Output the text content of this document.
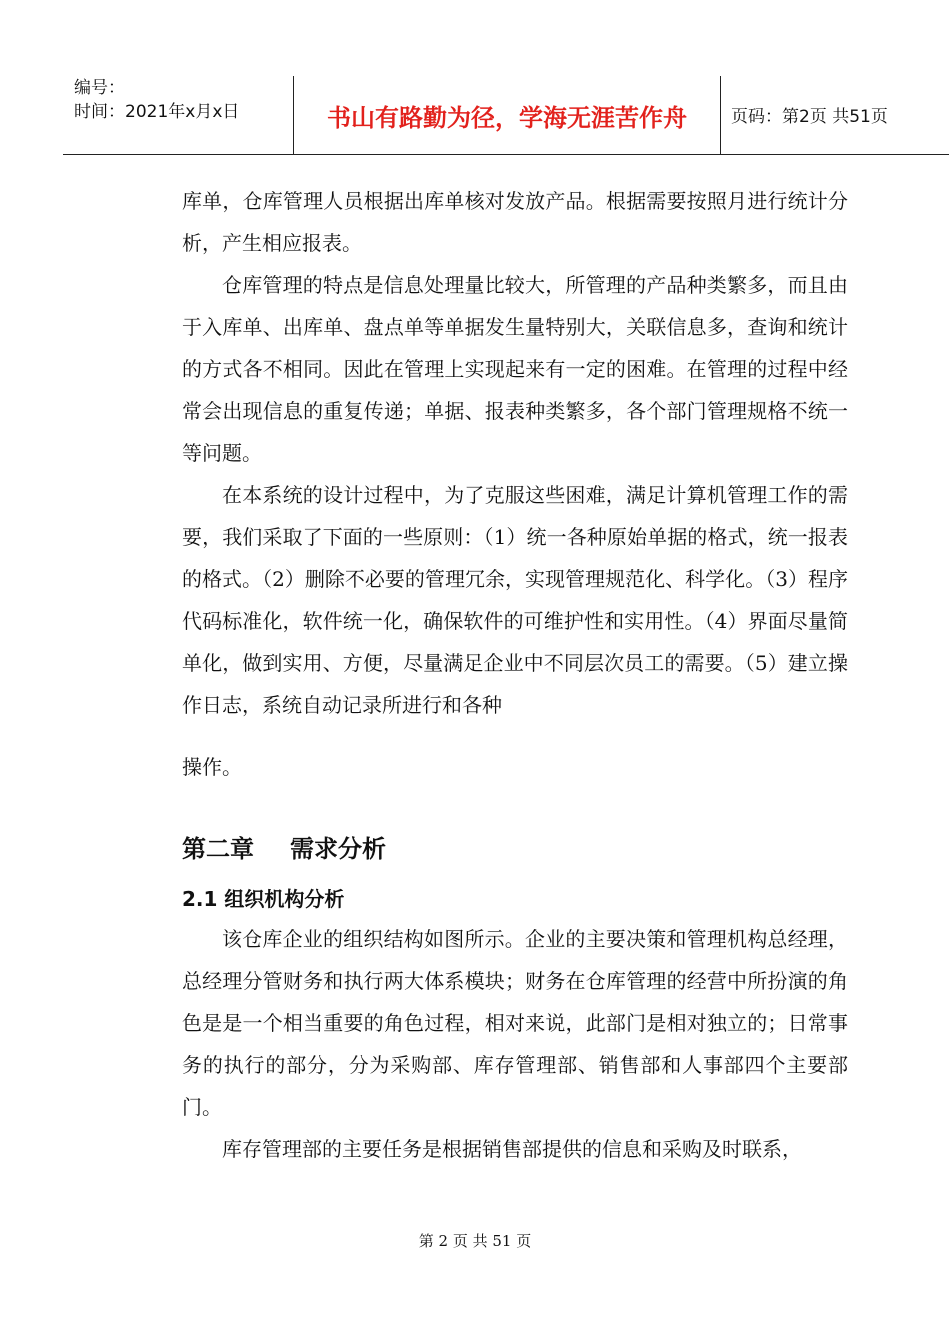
编号：
时间：2021年x月x日	书山有路勤为径，学海无涯苦作舟	页码：第2页 共51页

库单，仓库管理人员根据出库单核对发放产品。根据需要按照月进行统计分析，产生相应报表。

仓库管理的特点是信息处理量比较大，所管理的产品种类繁多，而且由于入库单、出库单、盘点单等单据发生量特别大，关联信息多，查询和统计的方式各不相同。因此在管理上实现起来有一定的困难。在管理的过程中经常会出现信息的重复传递；单据、报表种类繁多，各个部门管理规格不统一等问题。

在本系统的设计过程中，为了克服这些困难，满足计算机管理工作的需要，我们采取了下面的一些原则：（1）统一各种原始单据的格式，统一报表的格式。（2）删除不必要的管理冗余，实现管理规范化、科学化。（3）程序代码标准化，软件统一化，确保软件的可维护性和实用性。（4）界面尽量简单化，做到实用、方便，尽量满足企业中不同层次员工的需要。（5）建立操作日志，系统自动记录所进行和各种

操作。

第二章 需求分析
2.1 组织机构分析

该仓库企业的组织结构如图所示。企业的主要决策和管理机构总经理，总经理分管财务和执行两大体系模块；财务在仓库管理的经营中所扮演的角色是是一个相当重要的角色过程，相对来说，此部门是相对独立的；日常事务的执行的部分，分为采购部、库存管理部、销售部和人事部四个主要部门。

库存管理部的主要任务是根据销售部提供的信息和采购及时联系，

第 2 页 共 51 页
